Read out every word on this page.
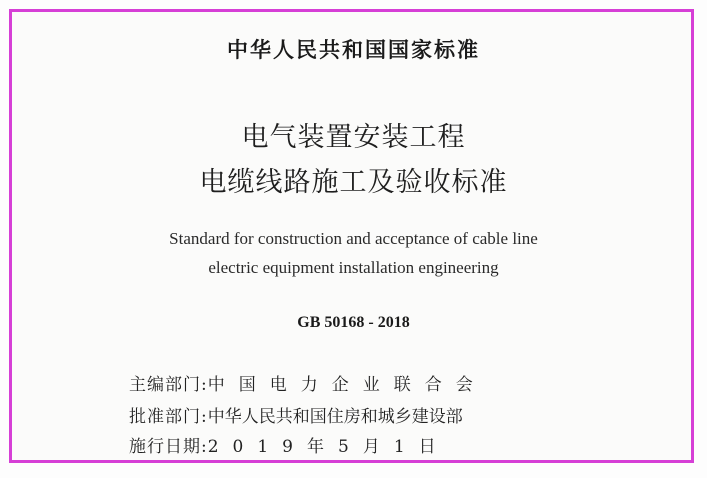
中华人民共和国国家标准
电气装置安装工程
电缆线路施工及验收标准
Standard for construction and acceptance of cable line
electric equipment installation engineering
GB 50168 - 2018
主编部门:中国电力企业联合会
批准部门:中华人民共和国住房和城乡建设部
施行日期:2019年5月1日
